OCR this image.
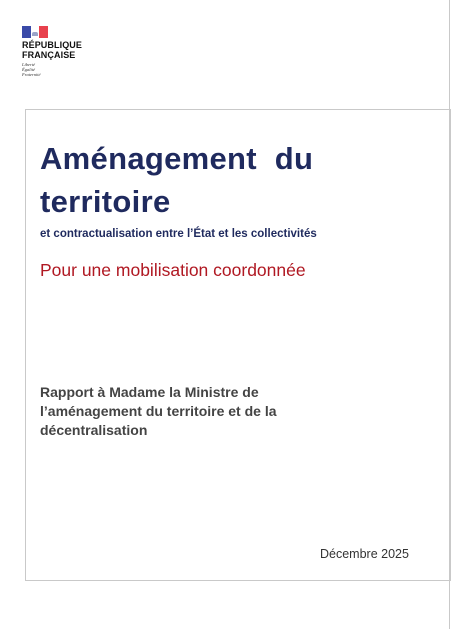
RÉPUBLIQUE
FRANÇAISE
Liberté
Égalité
Fraternité
Aménagement  du
territoire
et contractualisation entre l’État et les collectivités
Pour une mobilisation coordonnée
Rapport à Madame la Ministre de
l’aménagement du territoire et de la
décentralisation
Décembre 2025
